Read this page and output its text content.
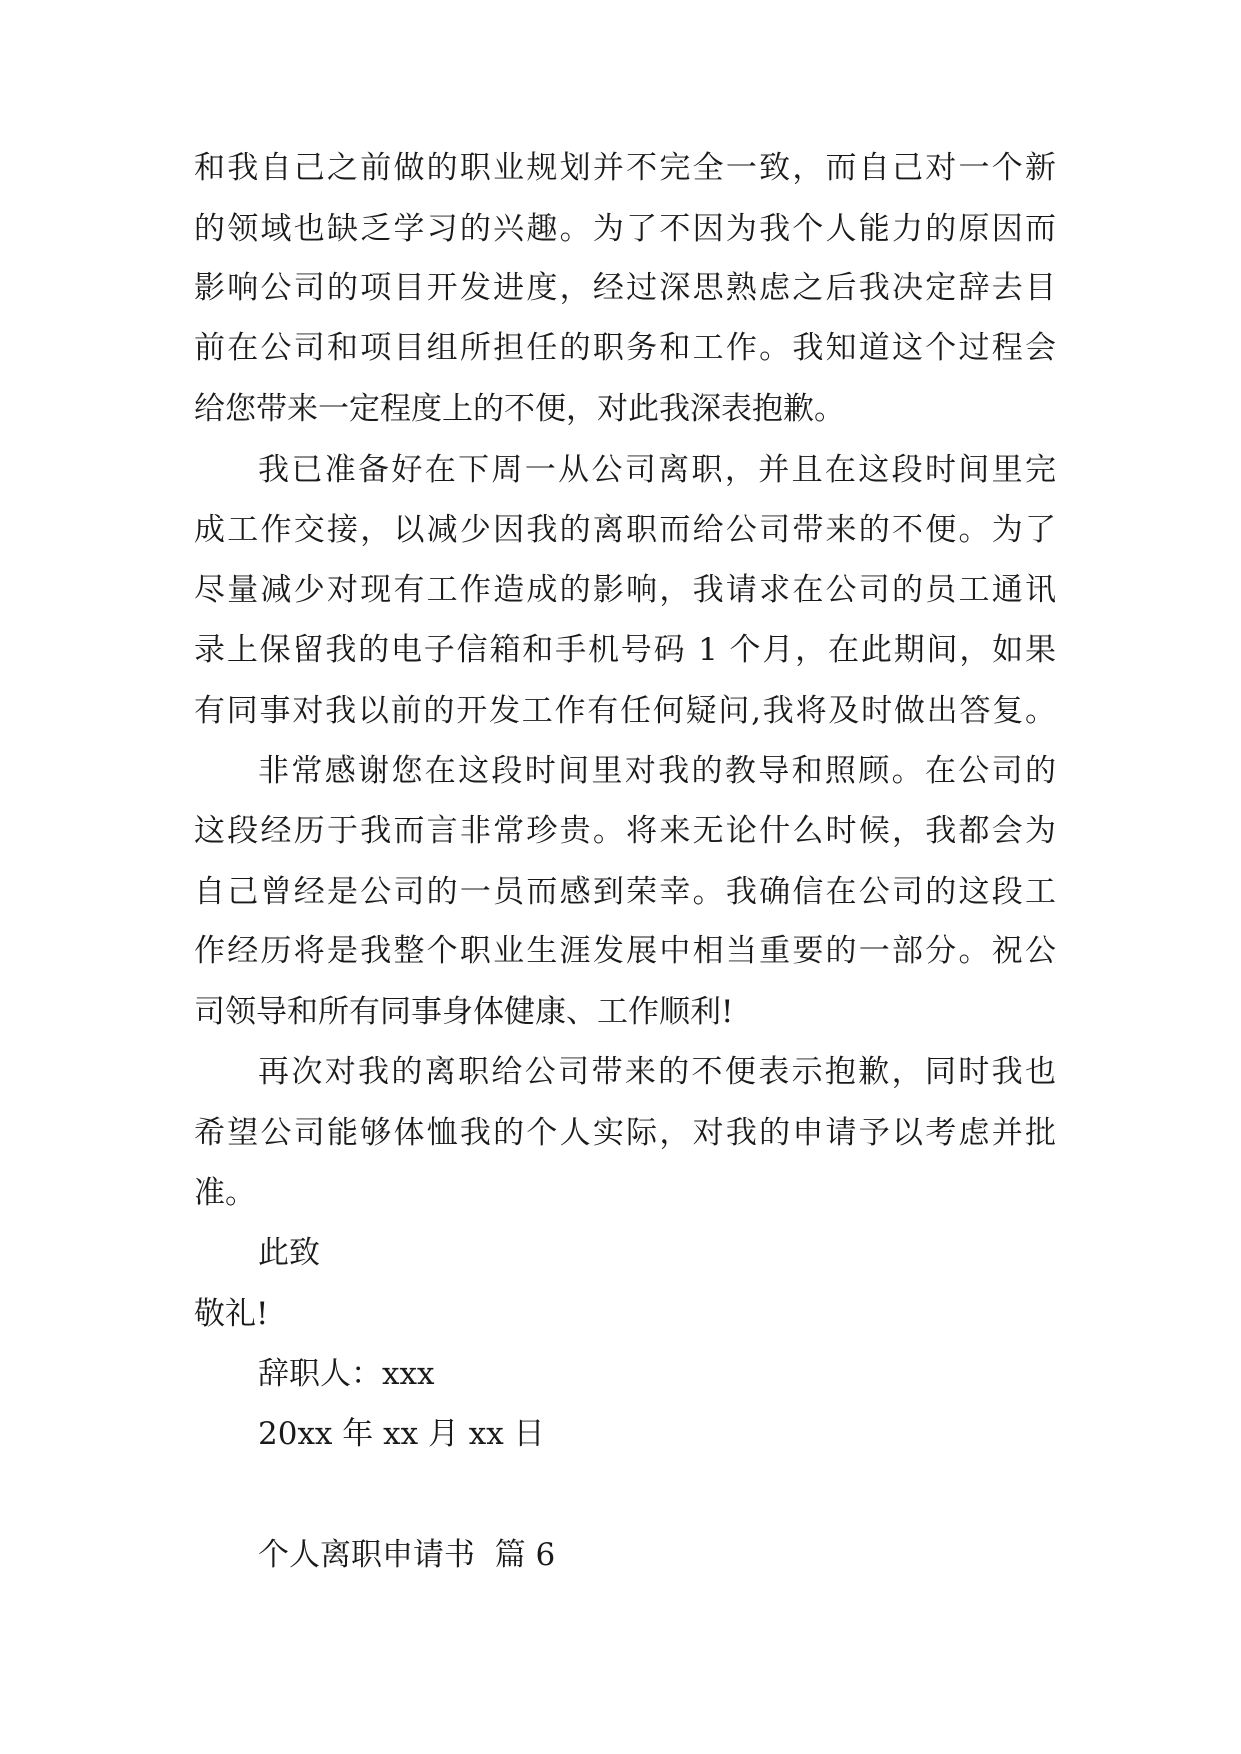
和我自己之前做的职业规划并不完全一致，而自己对一个新
的领域也缺乏学习的兴趣。为了不因为我个人能力的原因而
影响公司的项目开发进度，经过深思熟虑之后我决定辞去目
前在公司和项目组所担任的职务和工作。我知道这个过程会
给您带来一定程度上的不便，对此我深表抱歉。
我已准备好在下周一从公司离职，并且在这段时间里完
成工作交接，以减少因我的离职而给公司带来的不便。为了
尽量减少对现有工作造成的影响，我请求在公司的员工通讯
录上保留我的电子信箱和手机号码 1 个月，在此期间，如果
有同事对我以前的开发工作有任何疑问,我将及时做出答复。
非常感谢您在这段时间里对我的教导和照顾。在公司的
这段经历于我而言非常珍贵。将来无论什么时候，我都会为
自己曾经是公司的一员而感到荣幸。我确信在公司的这段工
作经历将是我整个职业生涯发展中相当重要的一部分。祝公
司领导和所有同事身体健康、工作顺利!
再次对我的离职给公司带来的不便表示抱歉，同时我也
希望公司能够体恤我的个人实际，对我的申请予以考虑并批
准。
此致
敬礼!
辞职人：xxx
20xx 年 xx 月 xx 日
个人离职申请书  篇 6
